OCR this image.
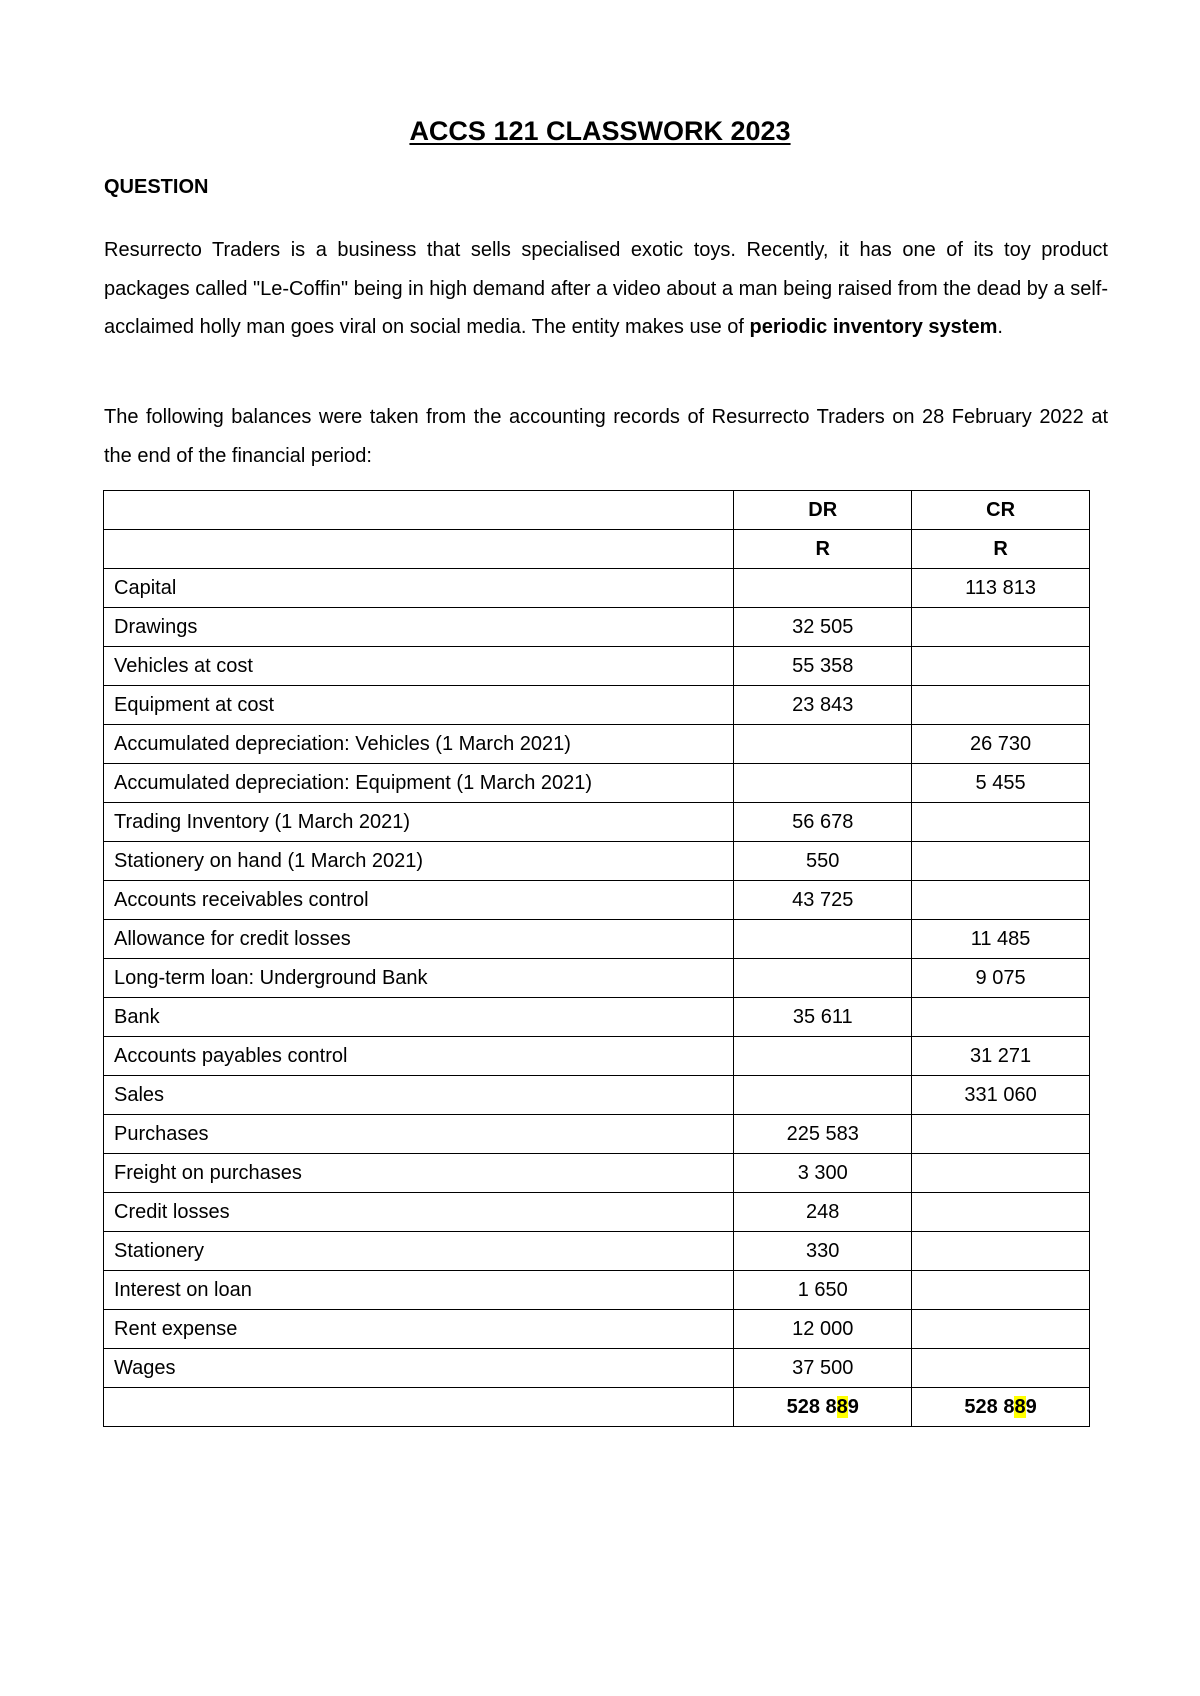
ACCS 121 CLASSWORK 2023
QUESTION

Resurrecto Traders is a business that sells specialised exotic toys. Recently, it has one of its toy product packages called "Le-Coffin" being in high demand after a video about a man being raised from the dead by a self-acclaimed holly man goes viral on social media. The entity makes use of periodic inventory system.

The following balances were taken from the accounting records of Resurrecto Traders on 28 February 2022 at the end of the financial period:

	DR	CR
	R	R
Capital		113 813
Drawings	32 505	
Vehicles at cost	55 358	
Equipment at cost	23 843	
Accumulated depreciation: Vehicles (1 March 2021)		26 730
Accumulated depreciation: Equipment (1 March 2021)		5 455
Trading Inventory (1 March 2021)	56 678	
Stationery on hand (1 March 2021)	550	
Accounts receivables control	43 725	
Allowance for credit losses		11 485
Long-term loan: Underground Bank		9 075
Bank	35 611	
Accounts payables control		31 271
Sales		331 060
Purchases	225 583	
Freight on purchases	3 300	
Credit losses	248	
Stationery	330	
Interest on loan	1 650	
Rent expense	12 000	
Wages	37 500	
	528 889	528 889
